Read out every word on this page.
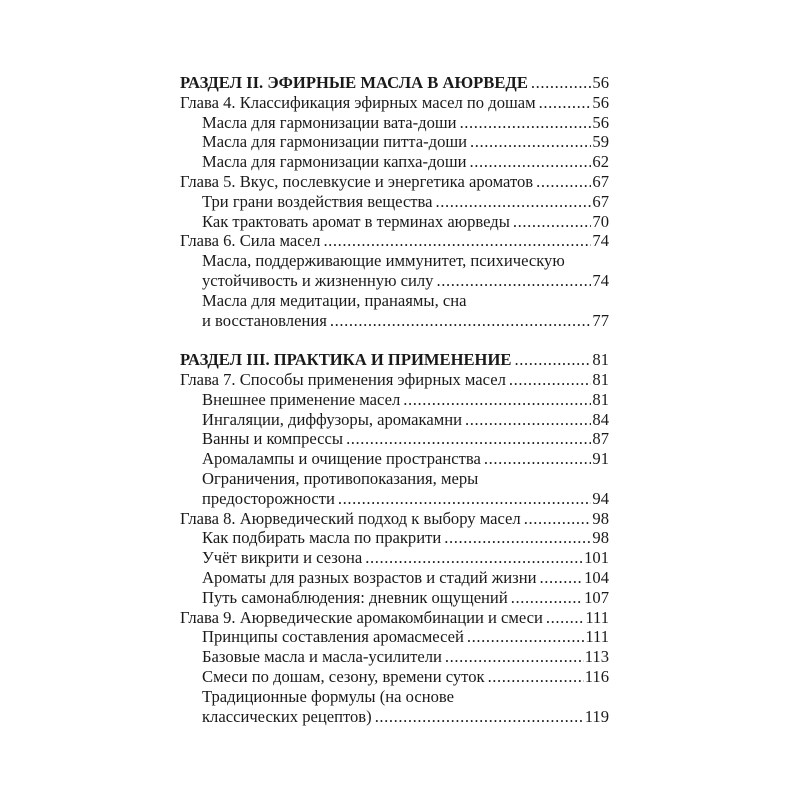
РАЗДЕЛ II. ЭФИРНЫЕ МАСЛА В АЮРВЕДЕ .....	56
Глава 4. Классификация эфирных масел по дошам .....	56
Масла для гармонизации вата-доши .....	56
Масла для гармонизации питта-доши .....	59
Масла для гармонизации капха-доши .....	62
Глава 5. Вкус, послевкусие и энергетика ароматов .....	67
Три грани воздействия вещества .....	67
Как трактовать аромат в терминах аюрведы .....	70
Глава 6. Сила масел .....	74
Масла, поддерживающие иммунитет, психическую
устойчивость и жизненную силу .....	74
Масла для медитации, пранаямы, сна
и восстановления .....	77
РАЗДЕЛ III. ПРАКТИКА И ПРИМЕНЕНИЕ .....	81
Глава 7. Способы применения эфирных масел .....	81
Внешнее применение масел .....	81
Ингаляции, диффузоры, аромакамни .....	84
Ванны и компрессы .....	87
Аромалампы и очищение пространства .....	91
Ограничения, противопоказания, меры
предосторожности .....	94
Глава 8. Аюрведический подход к выбору масел .....	98
Как подбирать масла по пракрити .....	98
Учёт викрити и сезона .....	101
Ароматы для разных возрастов и стадий жизни .....	104
Путь самонаблюдения: дневник ощущений .....	107
Глава 9. Аюрведические аромакомбинации и смеси .....	111
Принципы составления аромасмесей .....	111
Базовые масла и масла-усилители .....	113
Смеси по дошам, сезону, времени суток .....	116
Традиционные формулы (на основе
классических рецептов) .....	119
